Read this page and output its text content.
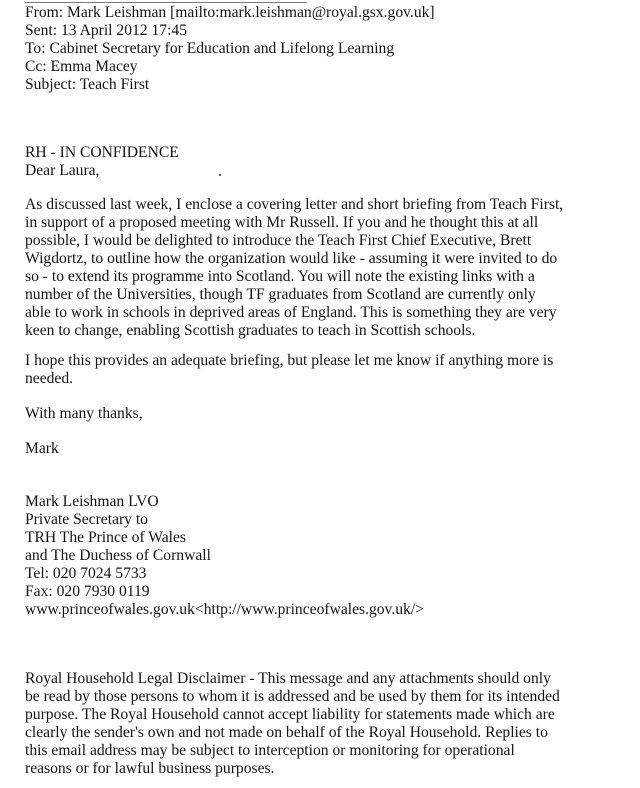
From: Mark Leishman [mailto:mark.leishman@royal.gsx.gov.uk]
Sent: 13 April 2012 17:45
To: Cabinet Secretary for Education and Lifelong Learning
Cc: Emma Macey
Subject: Teach First
RH - IN CONFIDENCE
Dear Laura,
As discussed last week, I enclose a covering letter and short briefing from Teach First,
in support of a proposed meeting with Mr Russell. If you and he thought this at all
possible, I would be delighted to introduce the Teach First Chief Executive, Brett
Wigdortz, to outline how the organization would like - assuming it were invited to do
so - to extend its programme into Scotland. You will note the existing links with a
number of the Universities, though TF graduates from Scotland are currently only
able to work in schools in deprived areas of England. This is something they are very
keen to change, enabling Scottish graduates to teach in Scottish schools.
I hope this provides an adequate briefing, but please let me know if anything more is
needed.
With many thanks,
Mark
Mark Leishman LVO
Private Secretary to
TRH The Prince of Wales
and The Duchess of Cornwall
Tel: 020 7024 5733
Fax: 020 7930 0119
www.princeofwales.gov.uk<http://www.princeofwales.gov.uk/>
Royal Household Legal Disclaimer - This message and any attachments should only
be read by those persons to whom it is addressed and be used by them for its intended
purpose. The Royal Household cannot accept liability for statements made which are
clearly the sender's own and not made on behalf of the Royal Household. Replies to
this email address may be subject to interception or monitoring for operational
reasons or for lawful business purposes.
